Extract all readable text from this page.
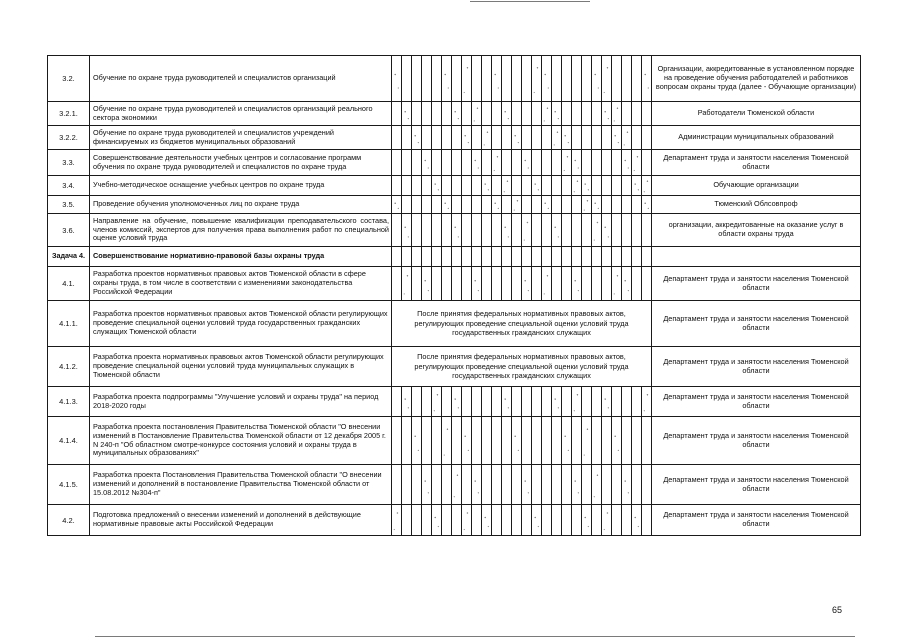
3.2.	Обучение по охране труда руководителей и специалистов организаций																											Организации, аккредитованные в установленном порядке на проведение обучения работодателей и работников вопросам охраны труда (далее - Обучающие организации)
3.2.1.	Обучение по охране труда руководителей и специалистов организаций реального сектора экономики																											Работодатели Тюменской области
3.2.2.	Обучение по охране труда руководителей и специалистов учреждений финансируемых из бюджетов муниципальных образований																											Администрации муниципальных образований
3.3.	Совершенствование деятельности учебных центров и согласование программ обучения по охране труда руководителей и специалистов по охране труда																											Департамент труда и занятости населения Тюменской области
3.4.	Учебно-методическое оснащение учебных центров по охране труда																											Обучающие организации
3.5.	Проведение обучения уполномоченных лиц по охране труда																											Тюменский Облсовпроф
3.6.	Направление на обучение, повышение квалификации преподавательского состава, членов комиссий, экспертов для получения права выполнения работ по специальной оценке условий труда																											организации, аккредитованные на оказание услуг в области охраны труда
Задача 4.	Совершенствование нормативно-правовой базы охраны труда																											
4.1.	Разработка проектов нормативных правовых актов Тюменской области в сфере охраны труда, в том числе в соответствии с изменениями законодательства Российской Федерации																											Департамент труда и занятости населения Тюменской области
4.1.1.	Разработка проектов нормативных правовых актов Тюменской области регулирующих проведение специальной оценки условий труда государственных гражданских служащих Тюменской области	После принятия федеральных нормативных правовых актов, регулирующих проведение специальной оценки условий труда государственных гражданских служащих																										Департамент труда и занятости населения Тюменской области
4.1.2.	Разработка проекта нормативных правовых актов Тюменской области регулирующих проведение специальной оценки условий труда муниципальных служащих в Тюменской области	После принятия федеральных нормативных правовых актов, регулирующих проведение специальной оценки условий труда государственных гражданских служащих																										Департамент труда и занятости населения Тюменской области
4.1.3.	Разработка проекта подпрограммы "Улучшение условий и охраны труда" на период 2018-2020 годы																											Департамент труда и занятости населения Тюменской области
4.1.4.	Разработка проекта постановления Правительства Тюменской области "О внесении изменений в Постановление Правительства Тюменской области от 12 декабря 2005 г. N 240-п "Об областном смотре-конкурсе состояния условий и охраны труда в муниципальных образованиях"																											Департамент труда и занятости населения Тюменской области
4.1.5.	Разработка проекта Постановления Правительства Тюменской области "О внесении изменений и дополнений в постановление Правительства Тюменской области от 15.08.2012 №304-п"																											Департамент труда и занятости населения Тюменской области
4.2.	Подготовка предложений о внесении изменений и дополнений в действующие нормативные правовые акты Российской Федерации																											Департамент труда и занятости населения Тюменской области
65
